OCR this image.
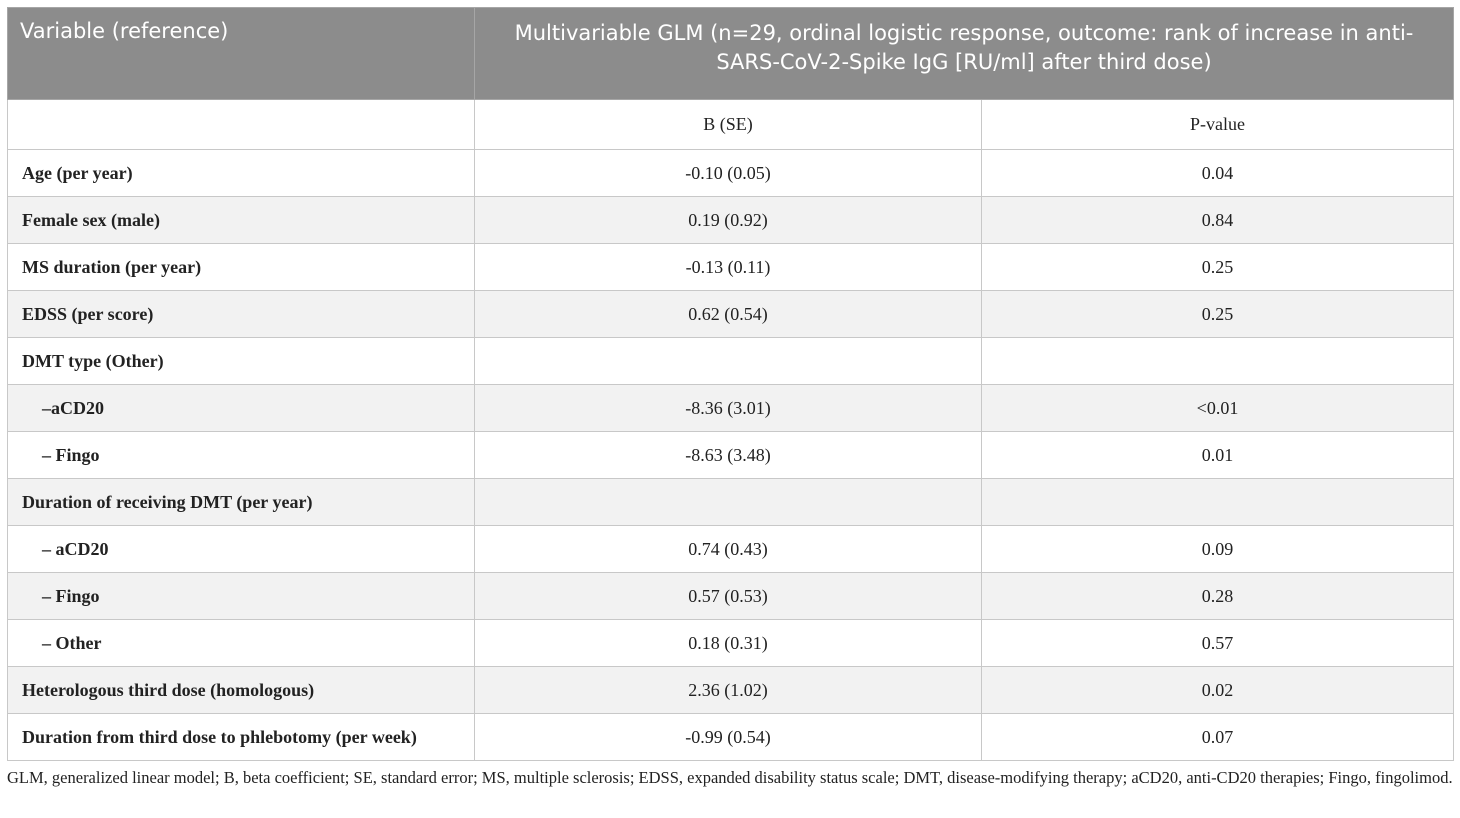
Variable (reference)	Multivariable GLM (n=29, ordinal logistic response, outcome: rank of increase in anti-SARS-CoV-2-Spike IgG [RU/ml] after third dose)	
	B (SE)	P-value
Age (per year)	-0.10 (0.05)	0.04
Female sex (male)	0.19 (0.92)	0.84
MS duration (per year)	-0.13 (0.11)	0.25
EDSS (per score)	0.62 (0.54)	0.25
DMT type (Other)		
–aCD20	-8.36 (3.01)	<0.01
– Fingo	-8.63 (3.48)	0.01
Duration of receiving DMT (per year)		
– aCD20	0.74 (0.43)	0.09
– Fingo	0.57 (0.53)	0.28
– Other	0.18 (0.31)	0.57
Heterologous third dose (homologous)	2.36 (1.02)	0.02
Duration from third dose to phlebotomy (per week)	-0.99 (0.54)	0.07
GLM, generalized linear model; B, beta coefficient; SE, standard error; MS, multiple sclerosis; EDSS, expanded disability status scale; DMT, disease-modifying therapy; aCD20, anti-CD20 therapies; Fingo, fingolimod.
